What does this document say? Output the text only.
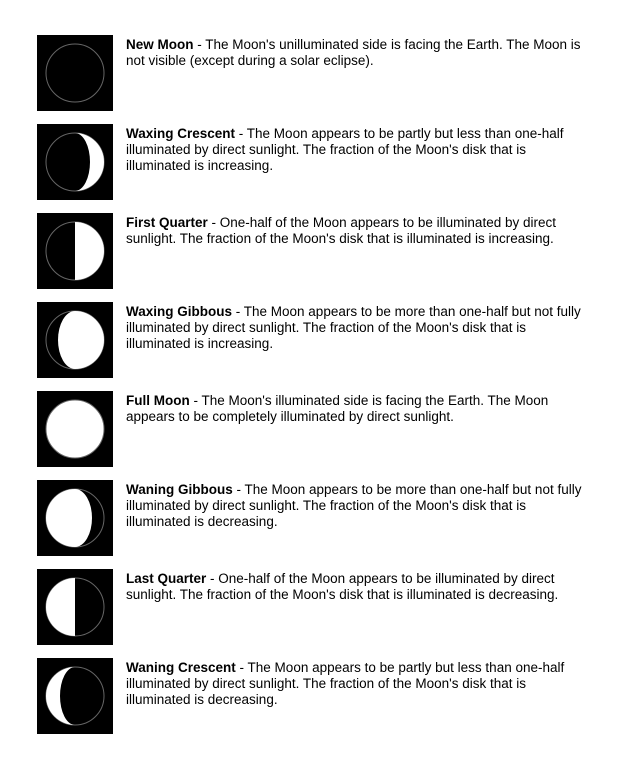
New Moon - The Moon's unilluminated side is facing the Earth. The Moon is not visible (except during a solar eclipse).
Waxing Crescent - The Moon appears to be partly but less than one-half illuminated by direct sunlight. The fraction of the Moon's disk that is illuminated is increasing.
First Quarter - One-half of the Moon appears to be illuminated by direct sunlight. The fraction of the Moon's disk that is illuminated is increasing.
Waxing Gibbous - The Moon appears to be more than one-half but not fully illuminated by direct sunlight. The fraction of the Moon's disk that is illuminated is increasing.
Full Moon - The Moon's illuminated side is facing the Earth. The Moon appears to be completely illuminated by direct sunlight.
Waning Gibbous - The Moon appears to be more than one-half but not fully illuminated by direct sunlight. The fraction of the Moon's disk that is illuminated is decreasing.
Last Quarter - One-half of the Moon appears to be illuminated by direct sunlight. The fraction of the Moon's disk that is illuminated is decreasing.
Waning Crescent - The Moon appears to be partly but less than one-half illuminated by direct sunlight. The fraction of the Moon's disk that is illuminated is decreasing.
